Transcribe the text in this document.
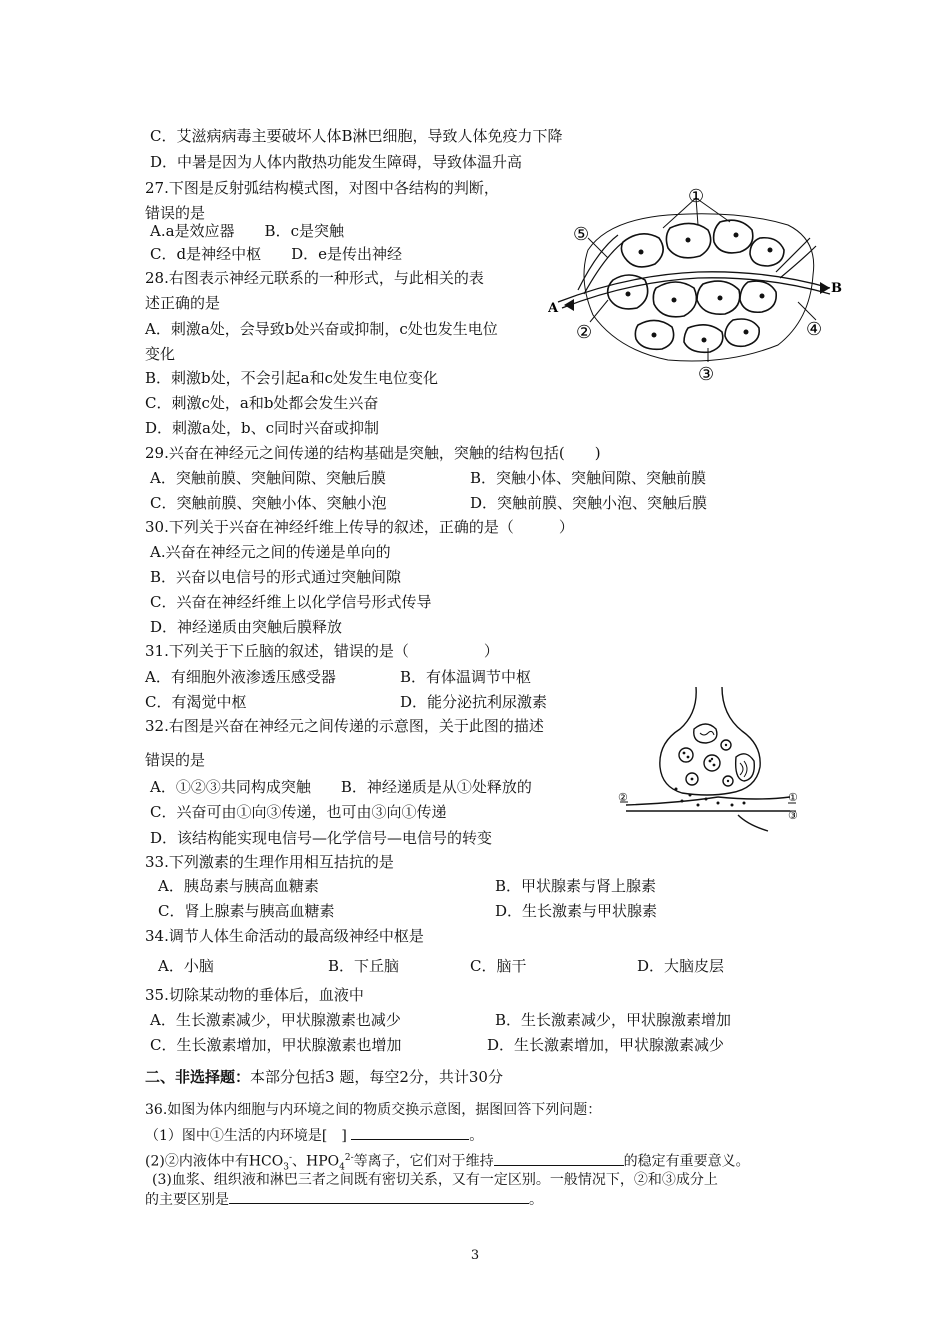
C．艾滋病病毒主要破坏人体B淋巴细胞，导致人体免疫力下降
D．中暑是因为人体内散热功能发生障碍，导致体温升高
27.下图是反射弧结构模式图，对图中各结构的判断，
错误的是
A.a是效应器　　B．c是突触
C．d是神经中枢　　D．e是传出神经
28.右图表示神经元联系的一种形式，与此相关的表
述正确的是
A．刺激a处，会导致b处兴奋或抑制，c处也发生电位
变化
B．刺激b处，不会引起a和c处发生电位变化
C．刺激c处，a和b处都会发生兴奋
D．刺激a处，b、c同时兴奋或抑制
①
⑤
A
B
②	④
③
29.兴奋在神经元之间传递的结构基础是突触，突触的结构包括(　　)
A．突触前膜、突触间隙、突触后膜	B．突触小体、突触间隙、突触前膜
C．突触前膜、突触小体、突触小泡	D．突触前膜、突触小泡、突触后膜
30.下列关于兴奋在神经纤维上传导的叙述，正确的是（　　　）
A.兴奋在神经元之间的传递是单向的
B．兴奋以电信号的形式通过突触间隙
C．兴奋在神经纤维上以化学信号形式传导
D．神经递质由突触后膜释放
31.下列关于下丘脑的叙述，错误的是（　　　　　）
A．有细胞外液渗透压感受器	B．有体温调节中枢
C．有渴觉中枢	D．能分泌抗利尿激素
32.右图是兴奋在神经元之间传递的示意图，关于此图的描述
错误的是
A．①②③共同构成突触　　B．神经递质是从①处释放的
C．兴奋可由①向③传递，也可由③向①传递
D．该结构能实现电信号—化学信号—电信号的转变
②	①
③
33.下列激素的生理作用相互拮抗的是
A．胰岛素与胰高血糖素	B．甲状腺素与肾上腺素
C．肾上腺素与胰高血糖素	D．生长激素与甲状腺素
34.调节人体生命活动的最高级神经中枢是
A．小脑	B．下丘脑	C．脑干	D．大脑皮层
35.切除某动物的垂体后，血液中
A．生长激素减少，甲状腺激素也减少	B．生长激素减少，甲状腺激素增加
C．生长激素增加，甲状腺激素也增加	D．生长激素增加，甲状腺激素减少
二、非选择题：本部分包括3 题，每空2分，共计30分
36.如图为体内细胞与内环境之间的物质交换示意图，据图回答下列问题：
（1）图中①生活的内环境是[　]	。
(2)②内液体中有$HCO_3^-$、$HPO_4^{2-}$等离子，它们对于维持	的稳定有重要意义。
(3)血浆、组织液和淋巴三者之间既有密切关系，又有一定区别。一般情况下，②和③成分上
的主要区别是	。
3
